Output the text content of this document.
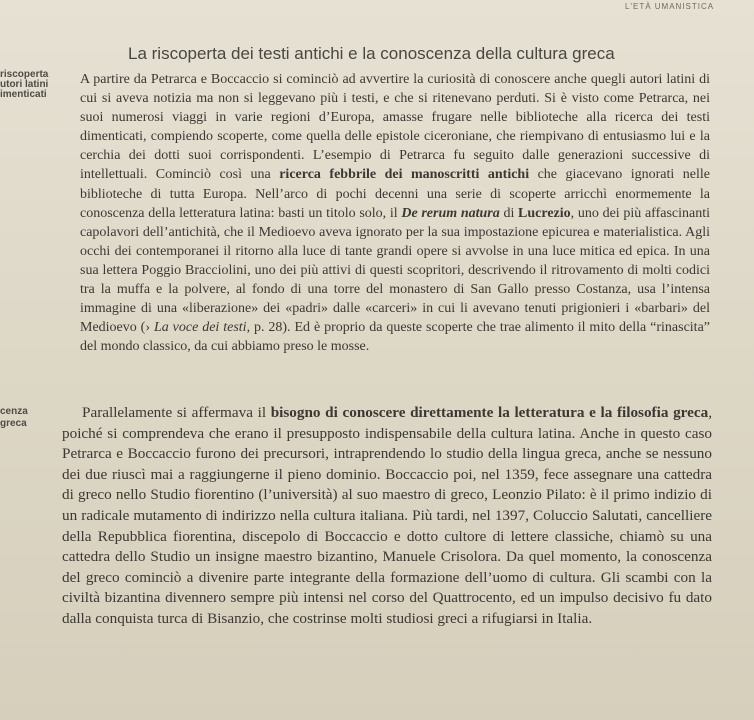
L'ETÀ UMANISTICA
La riscoperta dei testi antichi e la conoscenza della cultura greca
riscoperta
utori latini
imenticati
cenza
greca
A partire da Petrarca e Boccaccio si cominciò ad avvertire la curiosità di conoscere anche quegli autori latini di cui si aveva notizia ma non si leggevano più i testi, e che si ritenevano perduti. Si è visto come Petrarca, nei suoi numerosi viaggi in varie regioni d’Europa, amasse frugare nelle biblioteche alla ricerca dei testi dimenticati, compiendo scoperte, come quella delle epistole ciceroniane, che riempivano di entusiasmo lui e la cerchia dei dotti suoi corrispondenti. L’esempio di Petrarca fu seguito dalle generazioni successive di intellettuali. Cominciò così una ricerca febbrile dei manoscritti antichi che giacevano ignorati nelle biblioteche di tutta Europa. Nell’arco di pochi decenni una serie di scoperte arricchì enormemente la conoscenza della letteratura latina: basti un titolo solo, il De rerum natura di Lucrezio, uno dei più affascinanti capolavori dell’antichità, che il Medioevo aveva ignorato per la sua impostazione epicurea e materialistica. Agli occhi dei contemporanei il ritorno alla luce di tante grandi opere si avvolse in una luce mitica ed epica. In una sua lettera Poggio Bracciolini, uno dei più attivi di questi scopritori, descrivendo il ritrovamento di molti codici tra la muffa e la polvere, al fondo di una torre del monastero di San Gallo presso Costanza, usa l’intensa immagine di una «liberazione» dei «padri» dalle «carceri» in cui li avevano tenuti prigionieri i «barbari» del Medioevo (› La voce dei testi, p. 28). Ed è proprio da queste scoperte che trae alimento il mito della “rinascita” del mondo classico, da cui abbiamo preso le mosse.
Parallelamente si affermava il bisogno di conoscere direttamente la letteratura e la filosofia greca, poiché si comprendeva che erano il presupposto indispensabile della cultura latina. Anche in questo caso Petrarca e Boccaccio furono dei precursori, intraprendendo lo studio della lingua greca, anche se nessuno dei due riuscì mai a raggiungerne il pieno dominio. Boccaccio poi, nel 1359, fece assegnare una cattedra di greco nello Studio fiorentino (l’università) al suo maestro di greco, Leonzio Pilato: è il primo indizio di un radicale mutamento di indirizzo nella cultura italiana. Più tardi, nel 1397, Coluccio Salutati, cancelliere della Repubblica fiorentina, discepolo di Boccaccio e dotto cultore di lettere classiche, chiamò su una cattedra dello Studio un insigne maestro bizantino, Manuele Crisolora. Da quel momento, la conoscenza del greco cominciò a divenire parte integrante della formazione dell’uomo di cultura. Gli scambi con la civiltà bizantina divennero sempre più intensi nel corso del Quattrocento, ed un impulso decisivo fu dato dalla conquista turca di Bisanzio, che costrinse molti studiosi greci a rifugiarsi in Italia.
